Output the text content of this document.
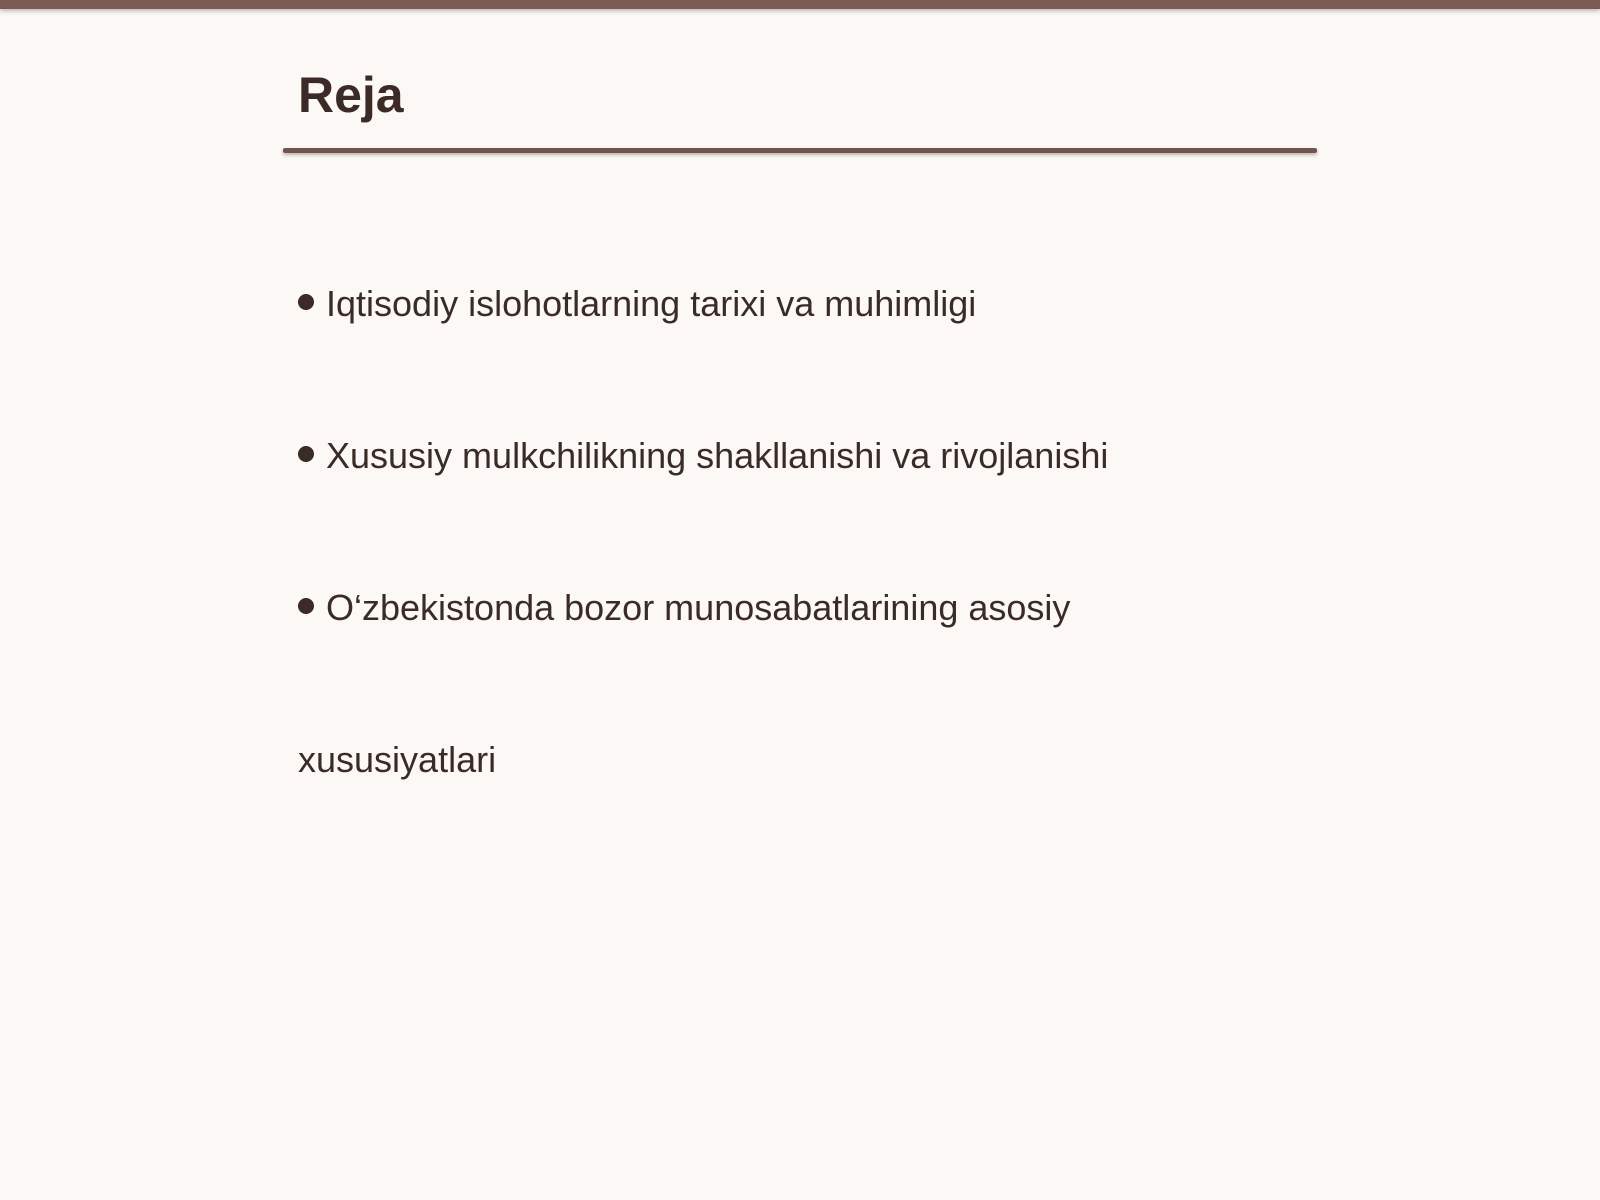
Reja
Iqtisodiy islohotlarning tarixi va muhimligi
Xususiy mulkchilikning shakllanishi va rivojlanishi
O‘zbekistonda bozor munosabatlarining asosiy
xususiyatlari
